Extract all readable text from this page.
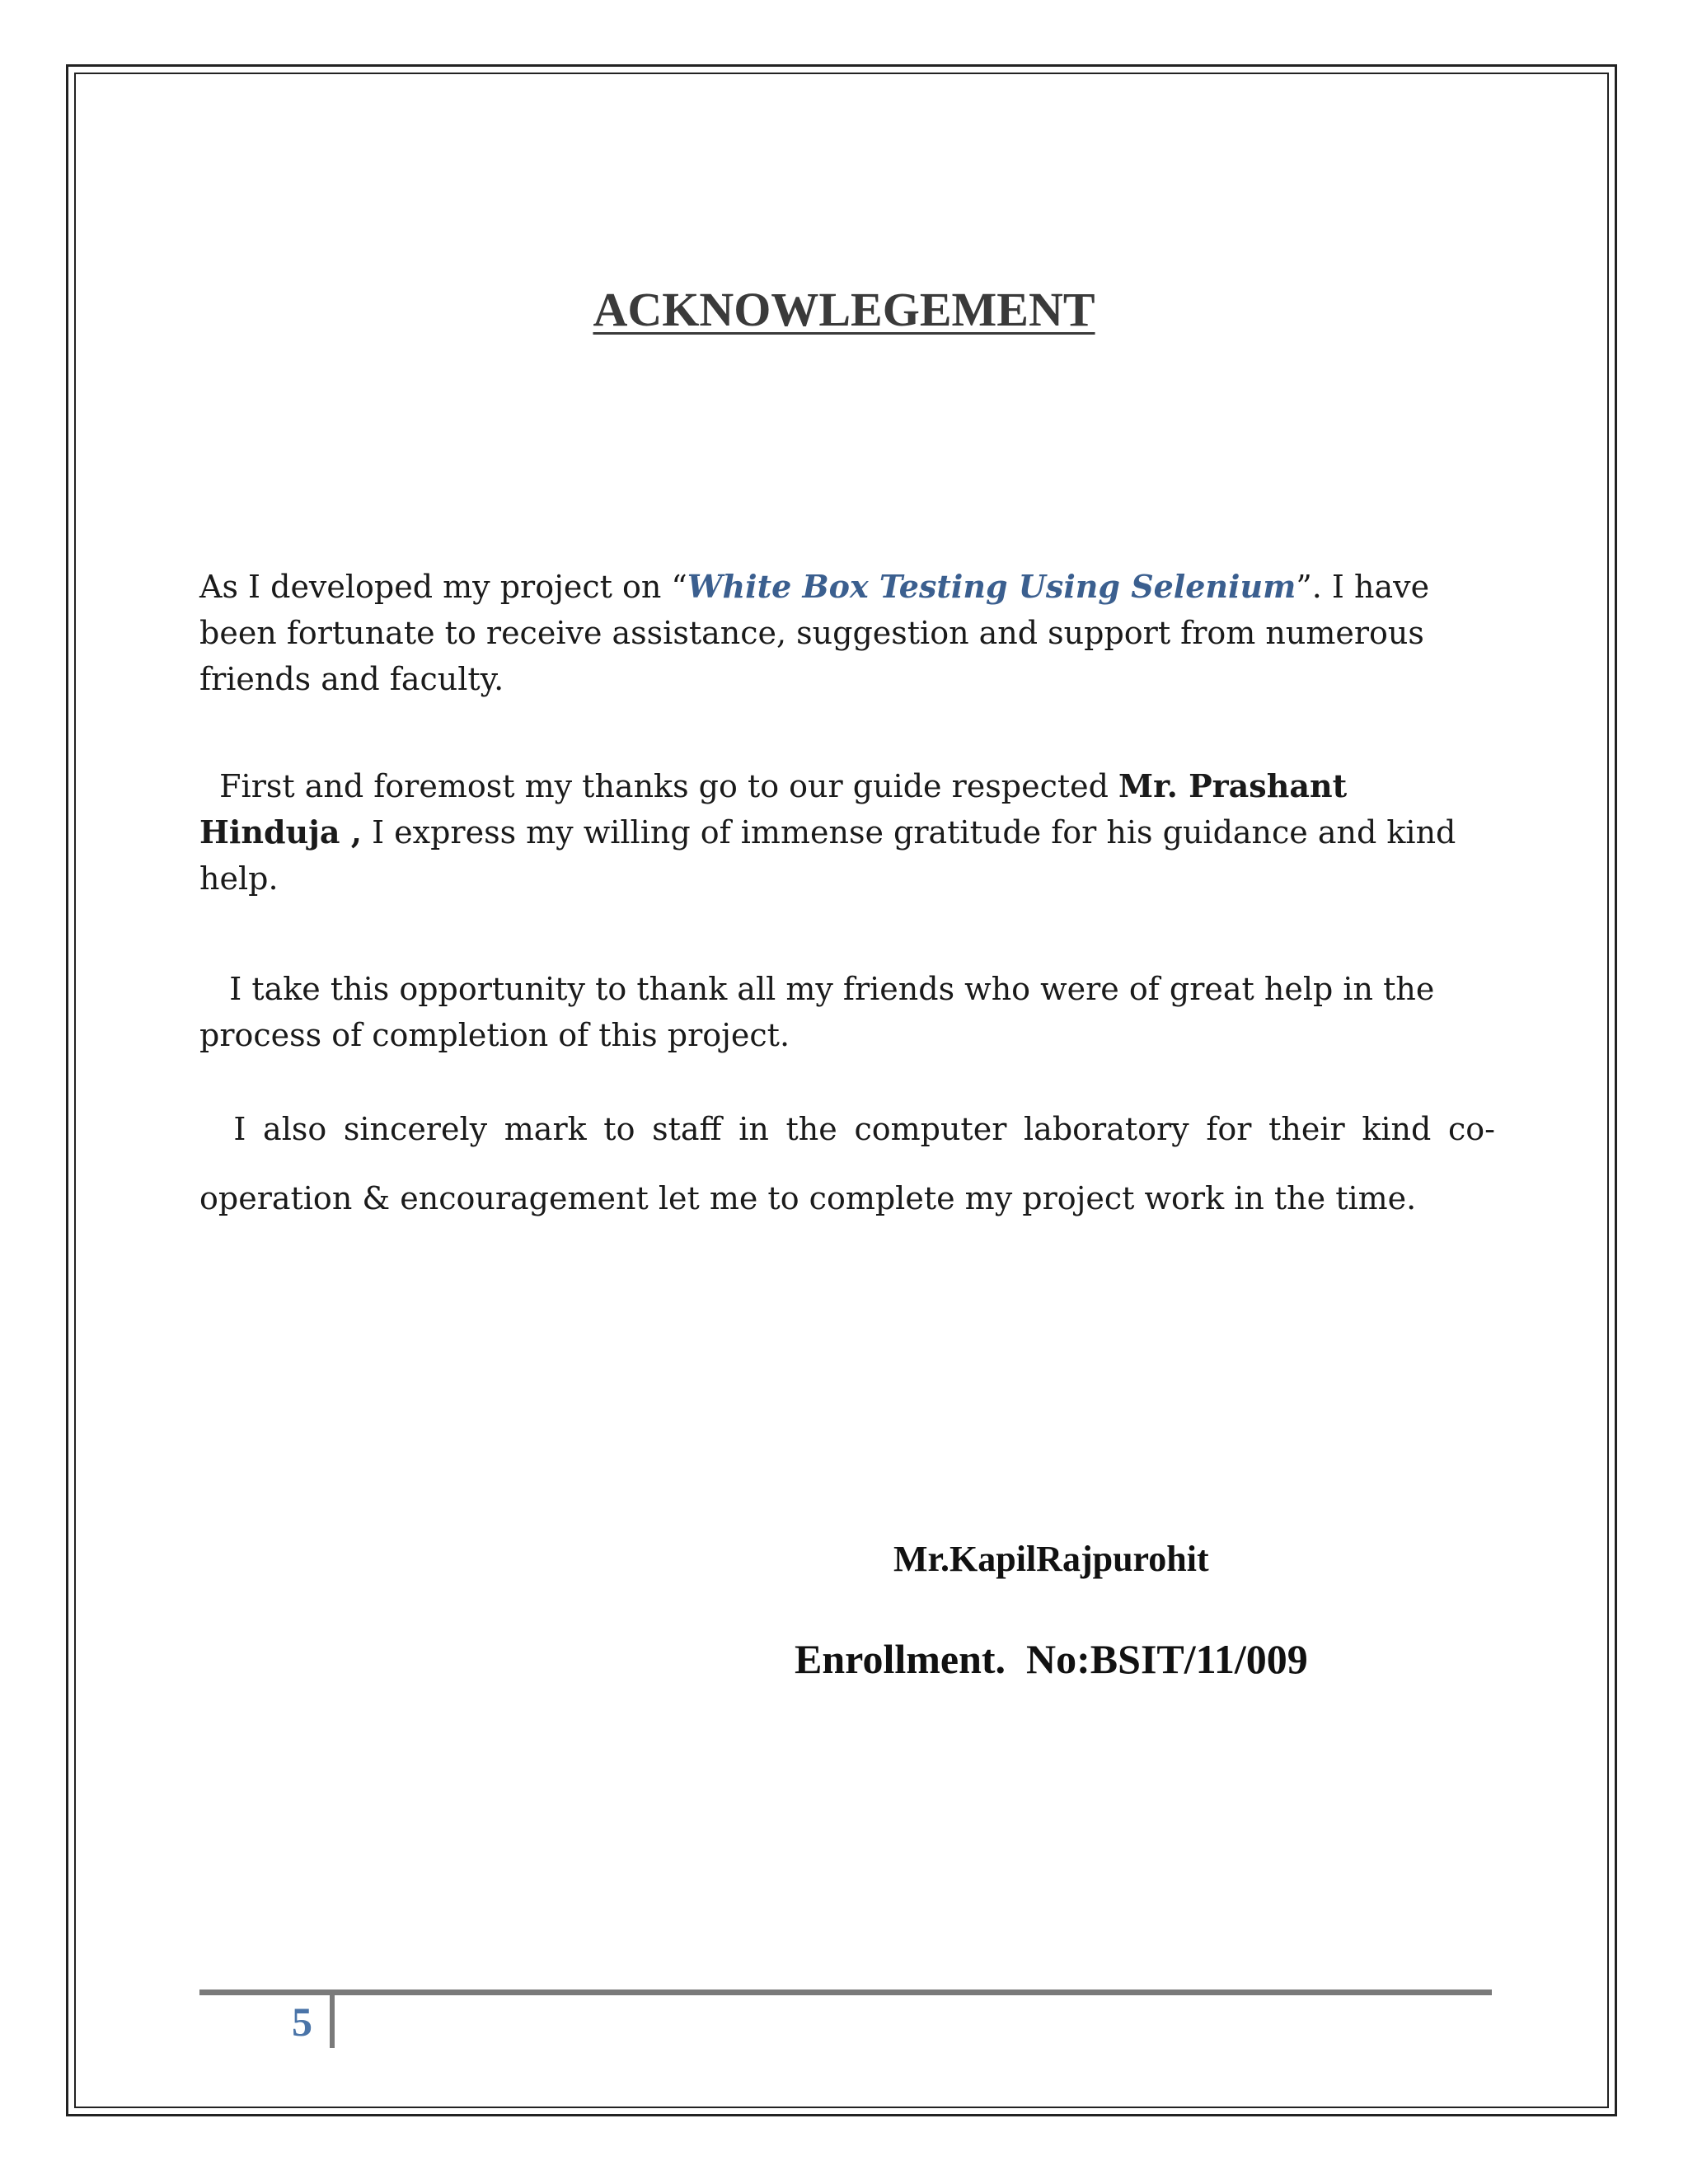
ACKNOWLEGEMENT

As I developed my project on “White Box Testing Using Selenium”. I have been fortunate to receive assistance, suggestion and support from numerous friends and faculty.

First and foremost my thanks go to our guide respected Mr. Prashant Hinduja , I express my willing of immense gratitude for his guidance and kind help.

I take this opportunity to thank all my friends who were of great help in the process of completion of this project.

I also sincerely mark to staff in the computer laboratory for their kind co-operation & encouragement let me to complete my project work in the time.

Mr.KapilRajpurohit

Enrollment.  No:BSIT/11/009

5
